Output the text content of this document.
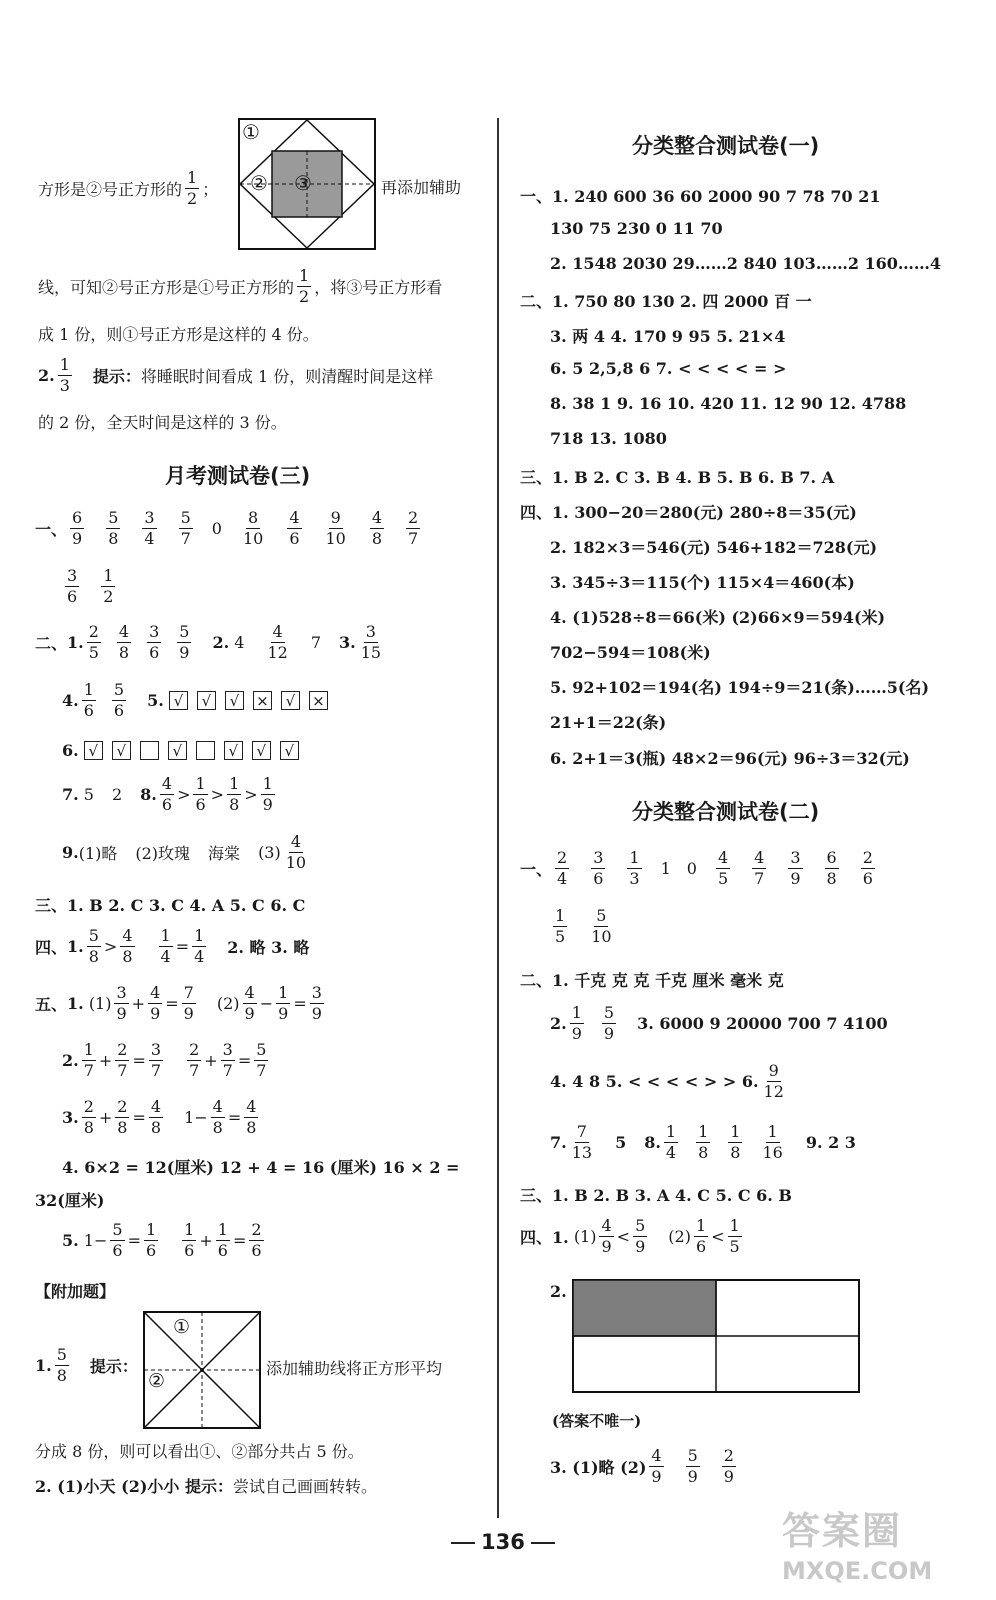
方形是②号正方形的 $\frac{1}{2}$ ；
①
② ③	再添加辅助
线，可知②号正方形是①号正方形的 $\frac{1}{2}$ ，将③号正方形看
成 1 份，则①号正方形是这样的 4 份。
2. $\frac{1}{3}$ 提示： 将睡眠时间看成 1 份，则清醒时间是这样
的 2 份，全天时间是这样的 3 份。
月考测试卷(三)
一、 $\frac{6}{9} \frac{5}{8} \frac{3}{4} \frac{5}{7} 0 \frac{8}{10} \frac{4}{6} \frac{9}{10} \frac{4}{8} \frac{2}{7}$
$\frac{3}{6} \frac{1}{2}$
二、 1. $\frac{2}{5} \frac{4}{8} \frac{3}{6} \frac{5}{9} 2$.
$4 \frac{4}{12} 7$ 3. $\frac{3}{15}$
4. $\frac{1}{6} \frac{5}{6} 5$.
√	√	√	×	√	×
6.
√	√	√	√	√	√
7.
5 2 8. $\frac{4}{6} > \frac{1}{6} > \frac{1}{8} > \frac{1}{9}$
9. (1)略 (2)玫瑰 海棠 $(3) \frac{4}{10}$
三、1. B 2. C 3. C 4. A 5. C 6. C
四、 1. $\frac{5}{8} > \frac{4}{8} \frac{1}{4} = \frac{1}{4} 2$. 略 3. 略
五、 1.
$(1) \frac{3}{9} + \frac{4}{9} = \frac{7}{9} (2) \frac{4}{9} - \frac{1}{9} = \frac{3}{9}$
2. $\frac{1}{7} + \frac{2}{7} = \frac{3}{7} \frac{2}{7} + \frac{3}{7} = \frac{5}{7}$
3. $\frac{2}{8} + \frac{2}{8} = \frac{4}{8} 1- \frac{4}{8} = \frac{4}{8}$
4. 6×2 = 12(厘米) 12 + 4 = 16 (厘米) 16 × 2 =
32(厘米)
5.
$1- \frac{5}{6} = \frac{1}{6} \frac{1}{6} + \frac{1}{6} = \frac{2}{6}$
【附加题】
1. $\frac{5}{8}$ 提示：
①
②
添加辅助线将正方形平均
分成 8 份，则可以看出①、②部分共占 5 份。
2. (1)小天 (2)小小 提示：尝试自己画画转转。
分类整合测试卷(一)
一、1. 240 600 36 60 2000 90 7 78 70 21
130 75 230 0 11 70
2. 1548 2030 29……2 840 103……2 160……4
二、1. 750 80 130 2. 四 2000 百 一
3. 两 4 4. 170 9 95 5. 21×4
6. 5 2,5,8 6 7. < < < < = >
8. 38 1 9. 16 10. 420 11. 12 90 12. 4788
718 13. 1080
三、1. B 2. C 3. B 4. B 5. B 6. B 7. A
四、1. 300−20＝280(元) 280÷8＝35(元)
2. 182×3＝546(元) 546+182＝728(元)
3. 345÷3＝115(个) 115×4＝460(本)
4. (1)528÷8＝66(米) (2)66×9＝594(米)
702−594＝108(米)
5. 92+102＝194(名) 194÷9＝21(条)……5(名)
21+1＝22(条)
6. 2+1＝3(瓶) 48×2＝96(元) 96÷3＝32(元)
分类整合测试卷(二)
一、 $\frac{2}{4} \frac{3}{6} \frac{1}{3} 1$ $0 \frac{4}{5} \frac{4}{7} \frac{3}{9} \frac{6}{8} \frac{2}{6}$
$\frac{1}{5} \frac{5}{10}$
二、1. 千克 克 克 千克 厘米 毫米 克
2. $\frac{1}{9} \frac{5}{9} 3$. 6000 9 20000 700 7 4100
4. 4 8 5. < < < < > > 6. $\frac{9}{12}$
7. $\frac{7}{13} 5$ 8. $\frac{1}{4} \frac{1}{8} \frac{1}{8} \frac{1}{16} 9$. 2 3
三、1. B 2. B 3. A 4. C 5. C 6. B
四、1.
$(1) \frac{4}{9} < \frac{5}{9} (2) \frac{1}{6} < \frac{1}{5}$
2.
(答案不唯一)
3. (1)略 $(2) \frac{4}{9} \frac{5}{9} \frac{2}{9}$
136	答案圈
MXQE.COM
